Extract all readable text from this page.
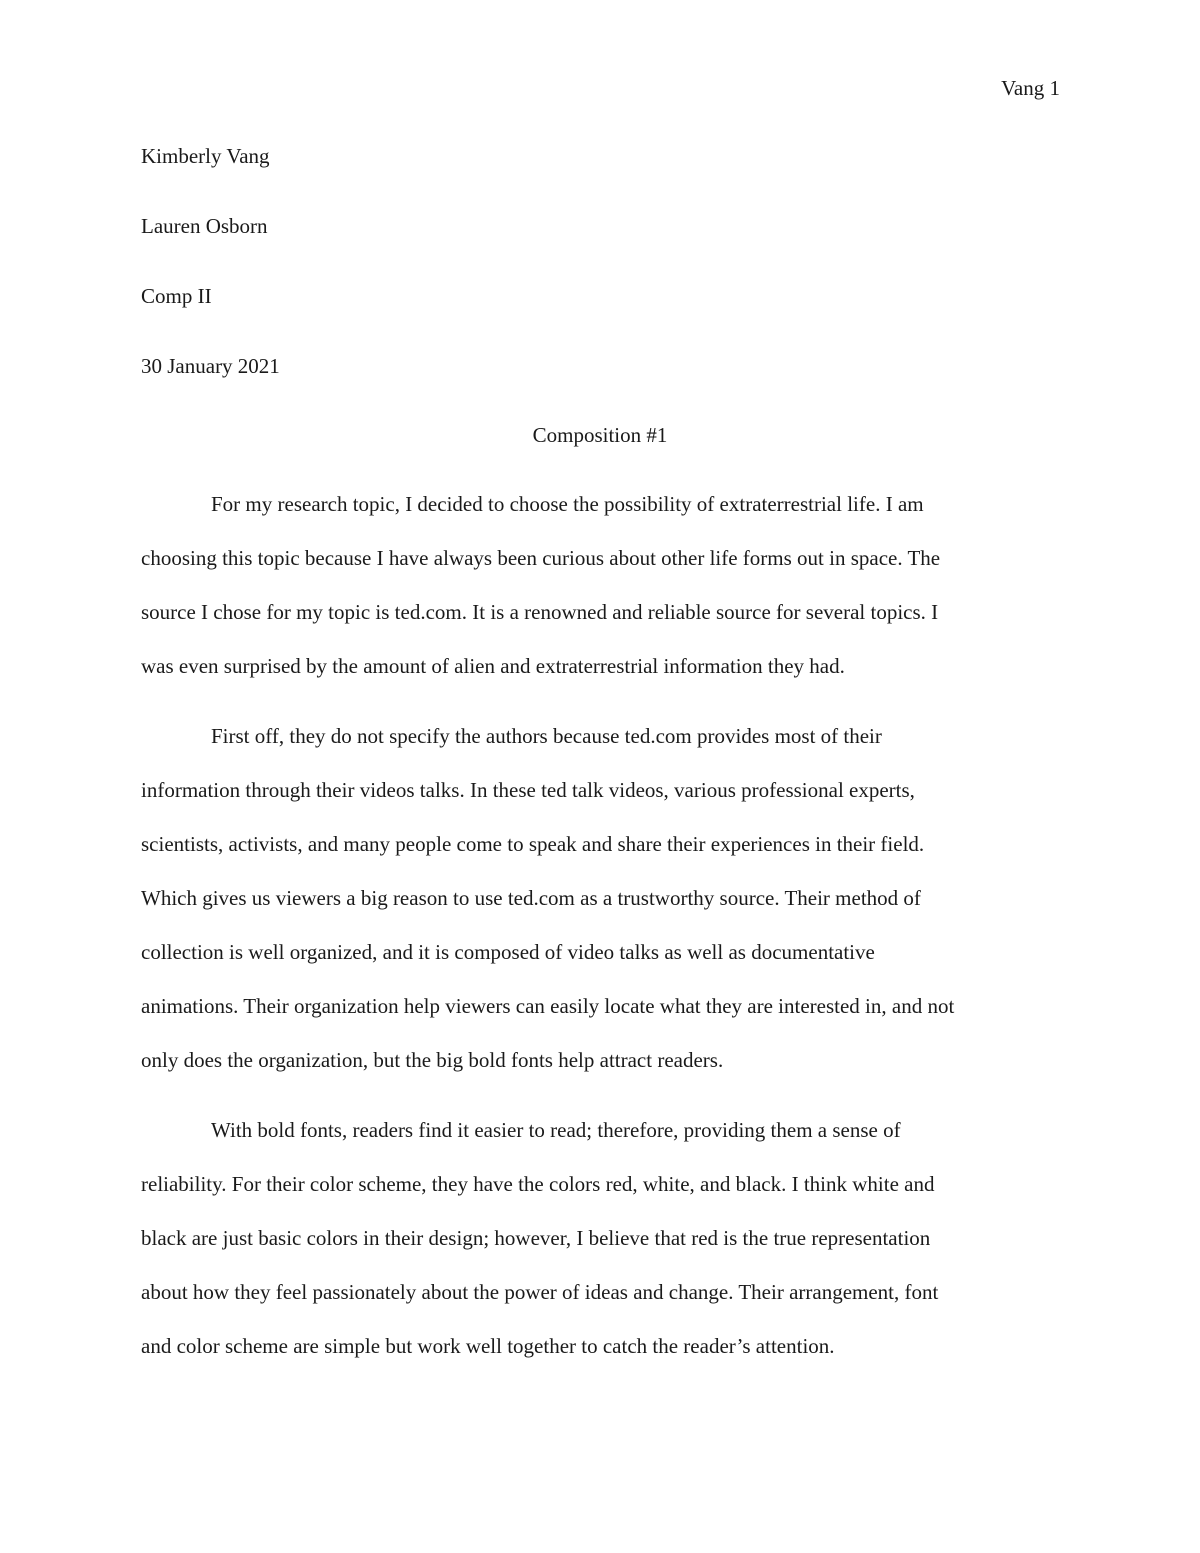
Vang 1
Kimberly Vang
Lauren Osborn
Comp II
30 January 2021
Composition #1
For my research topic, I decided to choose the possibility of extraterrestrial life. I am
choosing this topic because I have always been curious about other life forms out in space. The
source I chose for my topic is ted.com. It is a renowned and reliable source for several topics. I
was even surprised by the amount of alien and extraterrestrial information they had.
First off, they do not specify the authors because ted.com provides most of their
information through their videos talks. In these ted talk videos, various professional experts,
scientists, activists, and many people come to speak and share their experiences in their field.
Which gives us viewers a big reason to use ted.com as a trustworthy source. Their method of
collection is well organized, and it is composed of video talks as well as documentative
animations. Their organization help viewers can easily locate what they are interested in, and not
only does the organization, but the big bold fonts help attract readers.
With bold fonts, readers find it easier to read; therefore, providing them a sense of
reliability. For their color scheme, they have the colors red, white, and black. I think white and
black are just basic colors in their design; however, I believe that red is the true representation
about how they feel passionately about the power of ideas and change. Their arrangement, font
and color scheme are simple but work well together to catch the reader’s attention.
